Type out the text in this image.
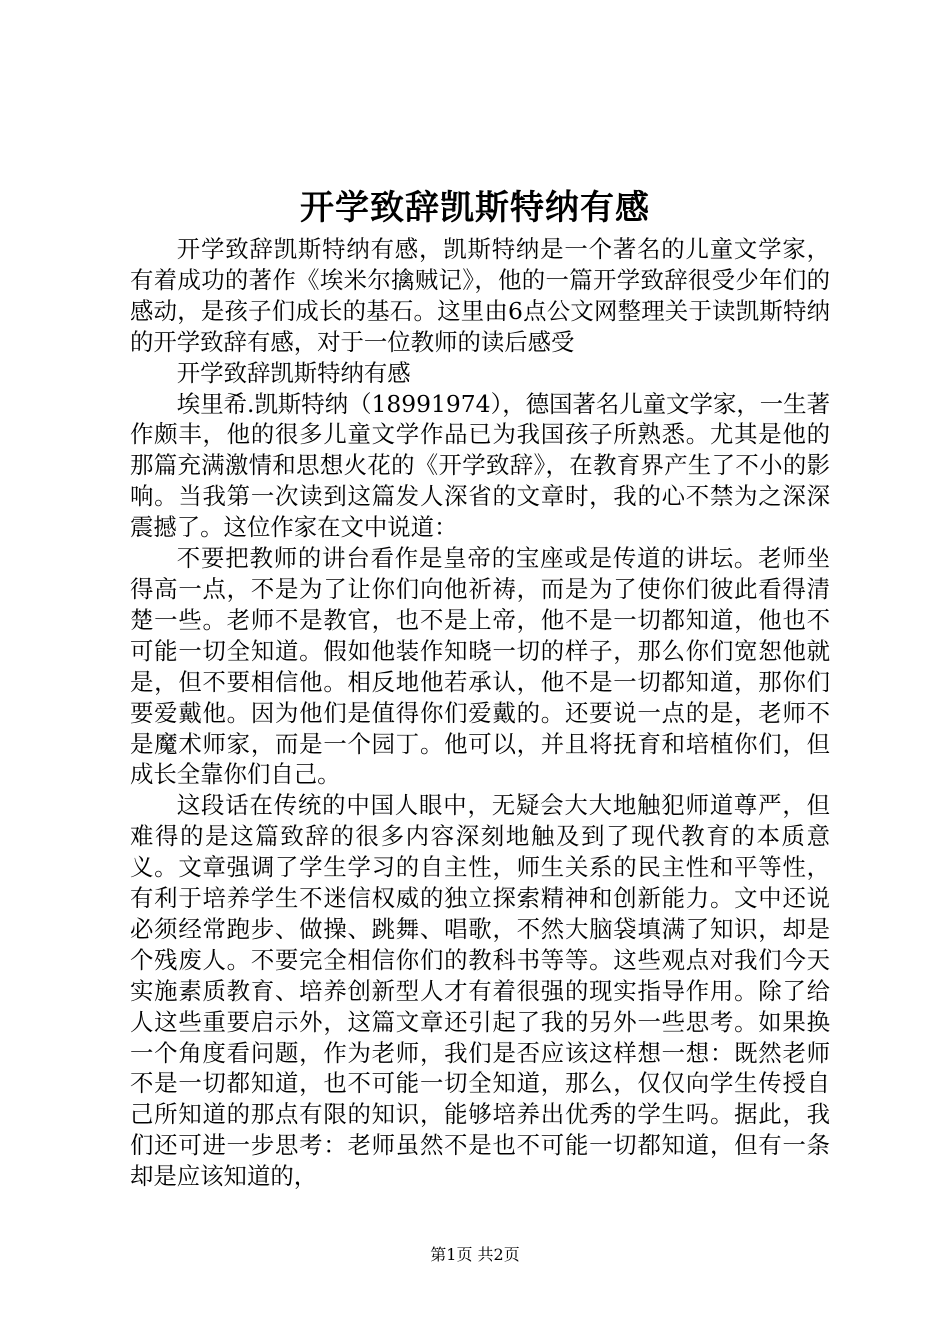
开学致辞凯斯特纳有感

开学致辞凯斯特纳有感，凯斯特纳是一个著名的儿童文学家，有着成功的著作《埃米尔擒贼记》，他的一篇开学致辞很受少年们的感动，是孩子们成长的基石。这里由6点公文网整理关于读凯斯特纳的开学致辞有感，对于一位教师的读后感受

开学致辞凯斯特纳有感

埃里希.凯斯特纳（18991974），德国著名儿童文学家，一生著作颇丰，他的很多儿童文学作品已为我国孩子所熟悉。尤其是他的那篇充满激情和思想火花的《开学致辞》，在教育界产生了不小的影响。当我第一次读到这篇发人深省的文章时，我的心不禁为之深深震撼了。这位作家在文中说道：

不要把教师的讲台看作是皇帝的宝座或是传道的讲坛。老师坐得高一点，不是为了让你们向他祈祷，而是为了使你们彼此看得清楚一些。老师不是教官，也不是上帝，他不是一切都知道，他也不可能一切全知道。假如他装作知晓一切的样子，那么你们宽恕他就是，但不要相信他。相反地他若承认，他不是一切都知道，那你们要爱戴他。因为他们是值得你们爱戴的。还要说一点的是，老师不是魔术师家，而是一个园丁。他可以，并且将抚育和培植你们，但成长全靠你们自己。

这段话在传统的中国人眼中，无疑会大大地触犯师道尊严，但难得的是这篇致辞的很多内容深刻地触及到了现代教育的本质意义。文章强调了学生学习的自主性，师生关系的民主性和平等性，有利于培养学生不迷信权威的独立探索精神和创新能力。文中还说必须经常跑步、做操、跳舞、唱歌，不然大脑袋填满了知识，却是个残废人。不要完全相信你们的教科书等等。这些观点对我们今天实施素质教育、培养创新型人才有着很强的现实指导作用。除了给人这些重要启示外，这篇文章还引起了我的另外一些思考。如果换一个角度看问题，作为老师，我们是否应该这样想一想：既然老师不是一切都知道，也不可能一切全知道，那么，仅仅向学生传授自己所知道的那点有限的知识，能够培养出优秀的学生吗。据此，我们还可进一步思考：老师虽然不是也不可能一切都知道，但有一条却是应该知道的，

第1页 共2页
